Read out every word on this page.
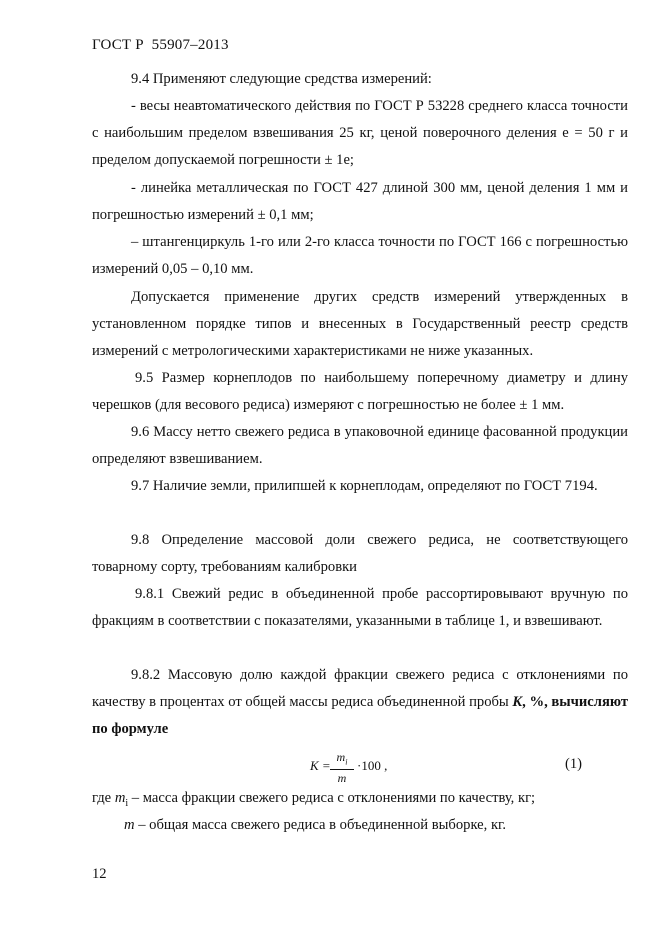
ГОСТ Р  55907–2013

9.4 Применяют следующие средства измерений:

- весы неавтоматического действия по ГОСТ Р 53228 среднего класса точности с наибольшим пределом взвешивания 25 кг, ценой поверочного деления e = 50 г и пределом допускаемой погрешности ± 1е;

- линейка металлическая по ГОСТ 427 длиной 300 мм, ценой деления 1 мм и погрешностью измерений ± 0,1 мм;

– штангенциркуль 1-го или 2-го класса точности по ГОСТ 166 с погрешностью измерений 0,05 – 0,10 мм.

Допускается применение других средств измерений утвержденных в установленном порядке типов и внесенных в Государственный реестр средств измерений с метрологическими характеристиками не ниже указанных.

9.5 Размер корнеплодов по наибольшему поперечному диаметру и длину черешков (для весового редиса) измеряют с погрешностью не более ± 1 мм.

9.6 Массу нетто свежего редиса в упаковочной единице фасованной продукции определяют взвешиванием.

9.7 Наличие земли, прилипшей к корнеплодам, определяют по ГОСТ 7194.

9.8 Определение массовой доли свежего редиса, не соответствующего товарному сорту, требованиям калибровки

9.8.1 Свежий редис в объединенной пробе рассортировывают вручную по фракциям в соответствии с показателями, указанными в таблице 1, и взвешивают.

9.8.2 Массовую долю каждой фракции свежего редиса с отклонениями по качеству в процентах от общей массы редиса объединенной пробы K, %, вычисляют по формуле

$K = \frac{m_i}{m} \cdot 100$ ,	(1)
где $m_i$ – масса фракции свежего редиса с отклонениями по качеству, кг;
m – общая масса свежего редиса в объединенной выборке, кг.
12
